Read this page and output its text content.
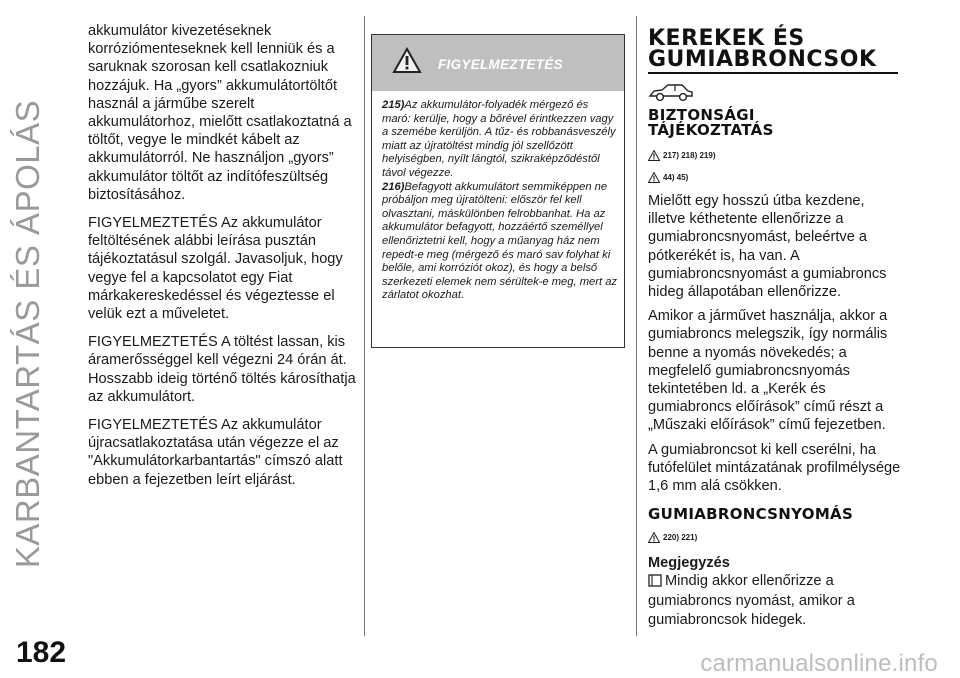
KARBANTARTÁS ÉS ÁPOLÁS
182

akkumulátor kivezetéseknek korróziómenteseknek kell lenniük és a saruknak szorosan kell csatlakozniuk hozzájuk. Ha „gyors” akkumulátortöltőt használ a járműbe szerelt akkumulátorhoz, mielőtt csatlakoztatná a töltőt, vegye le mindkét kábelt az akkumulátorról. Ne használjon „gyors” akkumulátor töltőt az indítófeszültség biztosításához.

FIGYELMEZTETÉS Az akkumulátor feltöltésének alábbi leírása pusztán tájékoztatásul szolgál. Javasoljuk, hogy vegye fel a kapcsolatot egy Fiat márkakereskedéssel és végeztesse el velük ezt a műveletet.

FIGYELMEZTETÉS A töltést lassan, kis áramerősséggel kell végezni 24 órán át. Hosszabb ideig történő töltés károsíthatja az akkumulátort.

FIGYELMEZTETÉS Az akkumulátor újracsatlakoztatása után végezze el az "Akkumulátorkarbantartás" címszó alatt ebben a fejezetben leírt eljárást.

FIGYELMEZTETÉS

215)Az akkumulátor-folyadék mérgező és maró: kerülje, hogy a bőrével érintkezzen vagy a szemébe kerüljön. A tűz- és robbanásveszély miatt az újratöltést mindig jól szellőzött helyiségben, nyílt lángtól, szikraképződéstől távol végezze.

216)Befagyott akkumulátort semmiképpen ne próbáljon meg újratölteni: először fel kell olvasztani, máskülönben felrobbanhat. Ha az akkumulátor befagyott, hozzáértő személlyel ellenőriztetni kell, hogy a műanyag ház nem repedt-e meg (mérgező és maró sav folyhat ki belőle, ami korróziót okoz), és hogy a belső szerkezeti elemek nem sérültek-e meg, mert az zárlatot okozhat.

KEREKEK ÉS
GUMIABRONCSOK
BIZTONSÁGI
TÁJÉKOZTATÁS
217) 218) 219)
44) 45)

Mielőtt egy hosszú útba kezdene, illetve kéthetente ellenőrizze a gumiabroncsnyomást, beleértve a pótkerékét is, ha van. A gumiabroncsnyomást a gumiabroncs hideg állapotában ellenőrizze.

Amikor a járművet használja, akkor a gumiabroncs melegszik, így normális benne a nyomás növekedés; a megfelelő gumiabroncsnyomás tekintetében ld. a „Kerék és gumiabroncs előírások” című részt a „Műszaki előírások” című fejezetben.

A gumiabroncsot ki kell cserélni, ha futófelület mintázatának profilmélysége 1,6 mm alá csökken.

GUMIABRONCSNYOMÁS
220) 221)
Megjegyzés

Mindig akkor ellenőrizze a gumiabroncs nyomást, amikor a gumiabroncsok hidegek.

carmanualsonline.info
